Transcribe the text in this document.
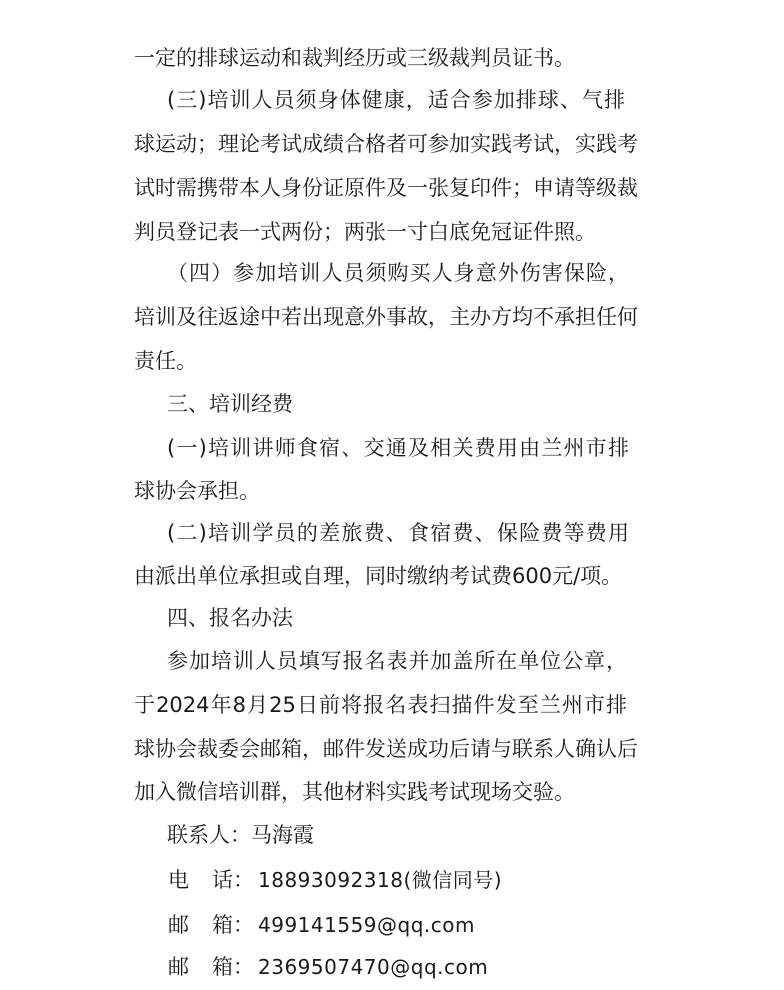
一定的排球运动和裁判经历或三级裁判员证书。
(三)培训人员须身体健康，适合参加排球、气排
球运动；理论考试成绩合格者可参加实践考试，实践考
试时需携带本人身份证原件及一张复印件；申请等级裁
判员登记表一式两份；两张一寸白底免冠证件照。
（四）参加培训人员须购买人身意外伤害保险，
培训及往返途中若出现意外事故，主办方均不承担任何
责任。
三、培训经费
(一)培训讲师食宿、交通及相关费用由兰州市排
球协会承担。
(二)培训学员的差旅费、食宿费、保险费等费用
由派出单位承担或自理，同时缴纳考试费600元/项。
四、报名办法
参加培训人员填写报名表并加盖所在单位公章，
于2024年8月25日前将报名表扫描件发至兰州市排
球协会裁委会邮箱，邮件发送成功后请与联系人确认后
加入微信培训群，其他材料实践考试现场交验。
联系人： 马海霞
电 话： 18893092318(微信同号)
邮 箱： 499141559@qq.com
邮 箱： 2369507470@qq.com
